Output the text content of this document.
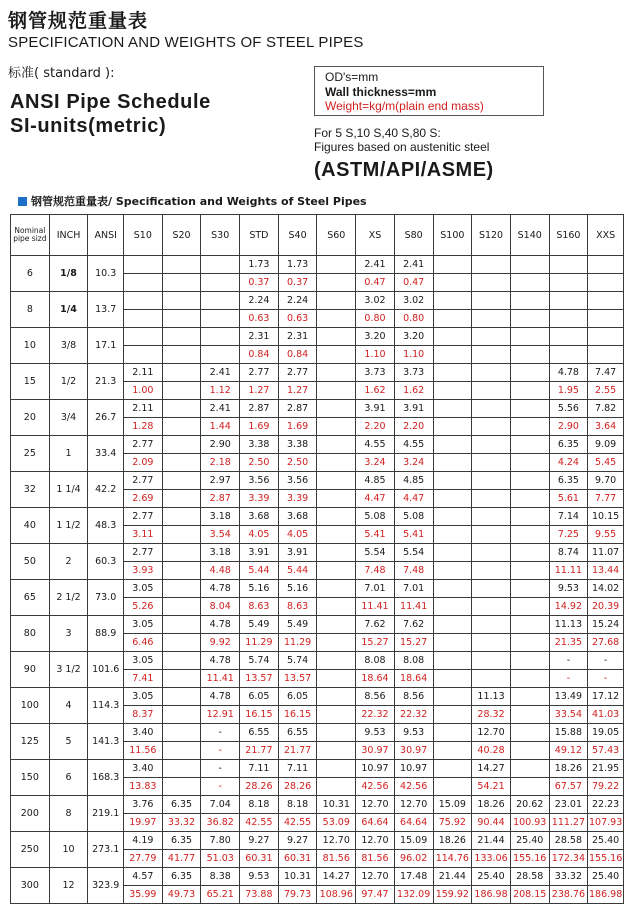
钢管规范重量表
SPECIFICATION AND WEIGHTS OF STEEL PIPES
标准( standard ):
ANSI Pipe Schedule
SI-units(metric)
OD's=mm
Wall thickness=mm
Weight=kg/m(plain end mass)
For 5 S,10 S,40 S,80 S:
Figures based on austenitic steel
(ASTM/API/ASME)
钢管规范重量表/ Specification and Weights of Steel Pipes
Nominal pipe sizd	INCH	ANSI	S10	S20	S30	STD	S40	S60	XS	S80	S100	S120	S140	S160	XXS
6	1/8	10.3				1.73	1.73		2.41	2.41					
						0.37	0.37		0.47	0.47					
8	1/4	13.7				2.24	2.24		3.02	3.02					
						0.63	0.63		0.80	0.80					
10	3/8	17.1				2.31	2.31		3.20	3.20					
						0.84	0.84		1.10	1.10					
15	1/2	21.3	2.11		2.41	2.77	2.77		3.73	3.73				4.78	7.47
			1.00		1.12	1.27	1.27		1.62	1.62				1.95	2.55
20	3/4	26.7	2.11		2.41	2.87	2.87		3.91	3.91				5.56	7.82
			1.28		1.44	1.69	1.69		2.20	2.20				2.90	3.64
25	1	33.4	2.77		2.90	3.38	3.38		4.55	4.55				6.35	9.09
			2.09		2.18	2.50	2.50		3.24	3.24				4.24	5.45
32	1 1/4	42.2	2.77		2.97	3.56	3.56		4.85	4.85				6.35	9.70
			2.69		2.87	3.39	3.39		4.47	4.47				5.61	7.77
40	1 1/2	48.3	2.77		3.18	3.68	3.68		5.08	5.08				7.14	10.15
			3.11		3.54	4.05	4.05		5.41	5.41				7.25	9.55
50	2	60.3	2.77		3.18	3.91	3.91		5.54	5.54				8.74	11.07
			3.93		4.48	5.44	5.44		7.48	7.48				11.11	13.44
65	2 1/2	73.0	3.05		4.78	5.16	5.16		7.01	7.01				9.53	14.02
			5.26		8.04	8.63	8.63		11.41	11.41				14.92	20.39
80	3	88.9	3.05		4.78	5.49	5.49		7.62	7.62				11.13	15.24
			6.46		9.92	11.29	11.29		15.27	15.27				21.35	27.68
90	3 1/2	101.6	3.05		4.78	5.74	5.74		8.08	8.08				-	-
			7.41		11.41	13.57	13.57		18.64	18.64				-	-
100	4	114.3	3.05		4.78	6.05	6.05		8.56	8.56		11.13		13.49	17.12
			8.37		12.91	16.15	16.15		22.32	22.32		28.32		33.54	41.03
125	5	141.3	3.40		-	6.55	6.55		9.53	9.53		12.70		15.88	19.05
			11.56		-	21.77	21.77		30.97	30.97		40.28		49.12	57.43
150	6	168.3	3.40		-	7.11	7.11		10.97	10.97		14.27		18.26	21.95
			13.83		-	28.26	28.26		42.56	42.56		54.21		67.57	79.22
200	8	219.1	3.76	6.35	7.04	8.18	8.18	10.31	12.70	12.70	15.09	18.26	20.62	23.01	22.23
			19.97	33.32	36.82	42.55	42.55	53.09	64.64	64.64	75.92	90.44	100.93	111.27	107.93
250	10	273.1	4.19	6.35	7.80	9.27	9.27	12.70	12.70	15.09	18.26	21.44	25.40	28.58	25.40
			27.79	41.77	51.03	60.31	60.31	81.56	81.56	96.02	114.76	133.06	155.16	172.34	155.16
300	12	323.9	4.57	6.35	8.38	9.53	10.31	14.27	12.70	17.48	21.44	25.40	28.58	33.32	25.40
			35.99	49.73	65.21	73.88	79.73	108.96	97.47	132.09	159.92	186.98	208.15	238.76	186.98
